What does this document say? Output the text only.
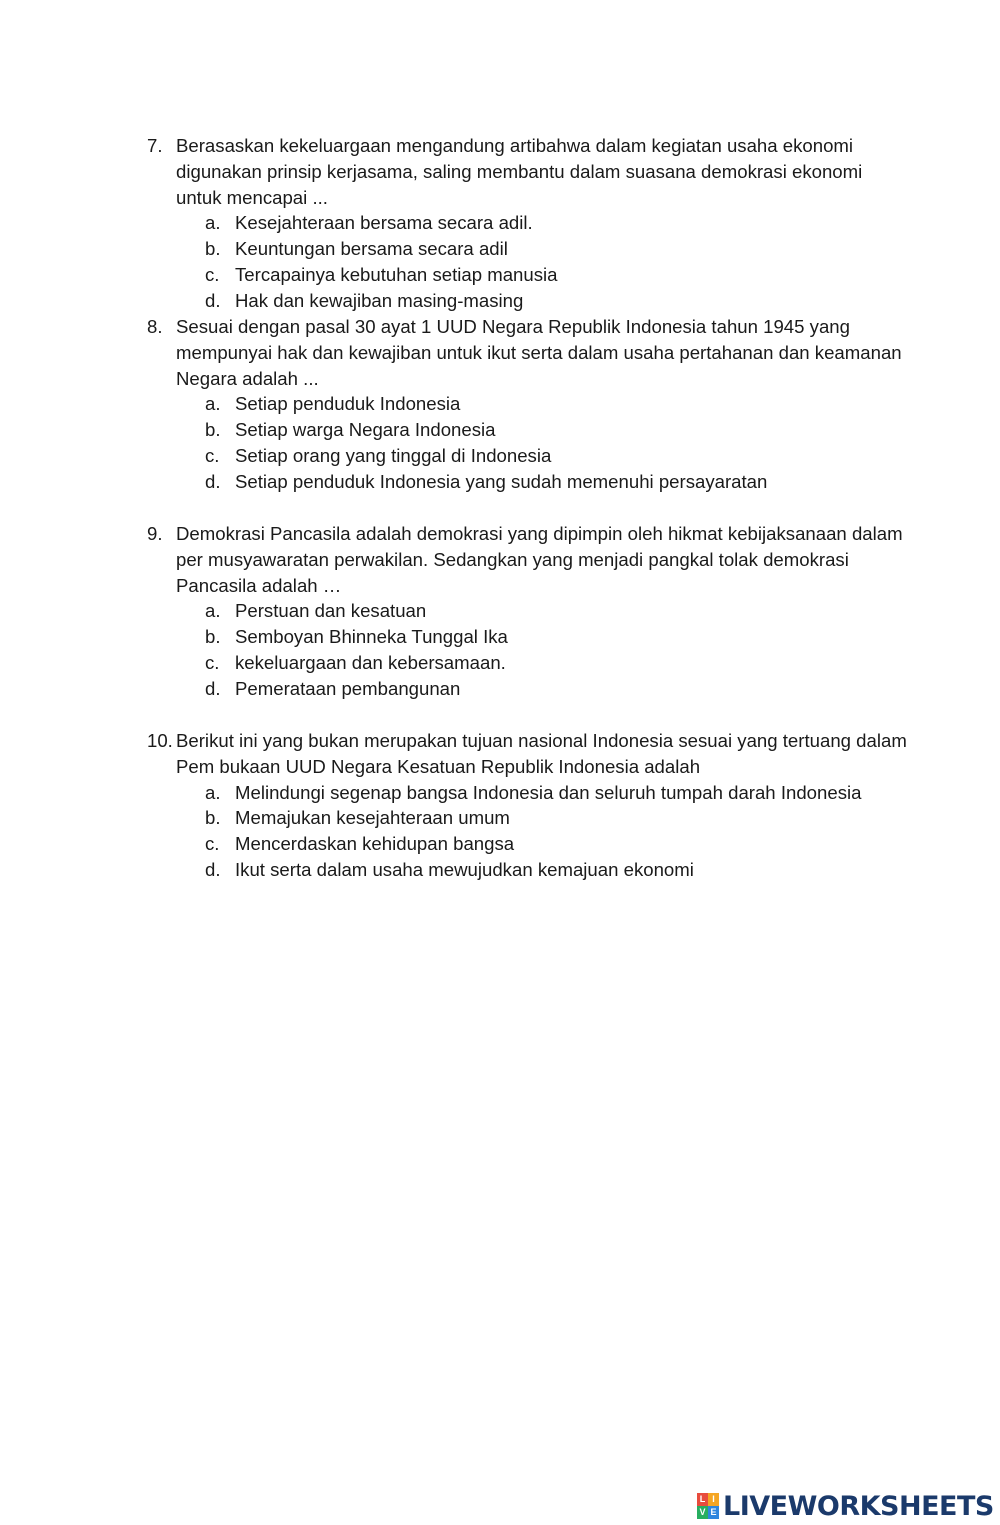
7. Berasaskan kekeluargaan mengandung artibahwa dalam kegiatan usaha ekonomi digunakan prinsip kerjasama, saling membantu dalam suasana demokrasi ekonomi untuk mencapai ...
a. Kesejahteraan bersama secara adil.
b. Keuntungan bersama secara adil
c. Tercapainya kebutuhan setiap manusia
d. Hak dan kewajiban masing-masing
8. Sesuai dengan pasal 30 ayat 1 UUD Negara Republik Indonesia tahun 1945 yang mempunyai hak dan kewajiban untuk ikut serta dalam usaha pertahanan dan keamanan Negara adalah ...
a. Setiap penduduk Indonesia
b. Setiap warga Negara Indonesia
c. Setiap orang yang tinggal di Indonesia
d. Setiap penduduk Indonesia yang sudah memenuhi persayaratan
9. Demokrasi Pancasila adalah demokrasi yang dipimpin oleh hikmat kebijaksanaan dalam per musyawaratan perwakilan. Sedangkan yang menjadi pangkal tolak demokrasi Pancasila adalah …
a. Perstuan dan kesatuan
b. Semboyan Bhinneka Tunggal Ika
c. kekeluargaan dan kebersamaan.
d. Pemerataan pembangunan
10. Berikut ini yang bukan merupakan tujuan nasional Indonesia sesuai yang tertuang dalam Pem bukaan UUD Negara Kesatuan Republik Indonesia adalah
a. Melindungi segenap bangsa Indonesia dan seluruh tumpah darah Indonesia
b. Memajukan kesejahteraan umum
c. Mencerdaskan kehidupan bangsa
d. Ikut serta dalam usaha mewujudkan kemajuan ekonomi
L I
V E LIVEWORKSHEETS
